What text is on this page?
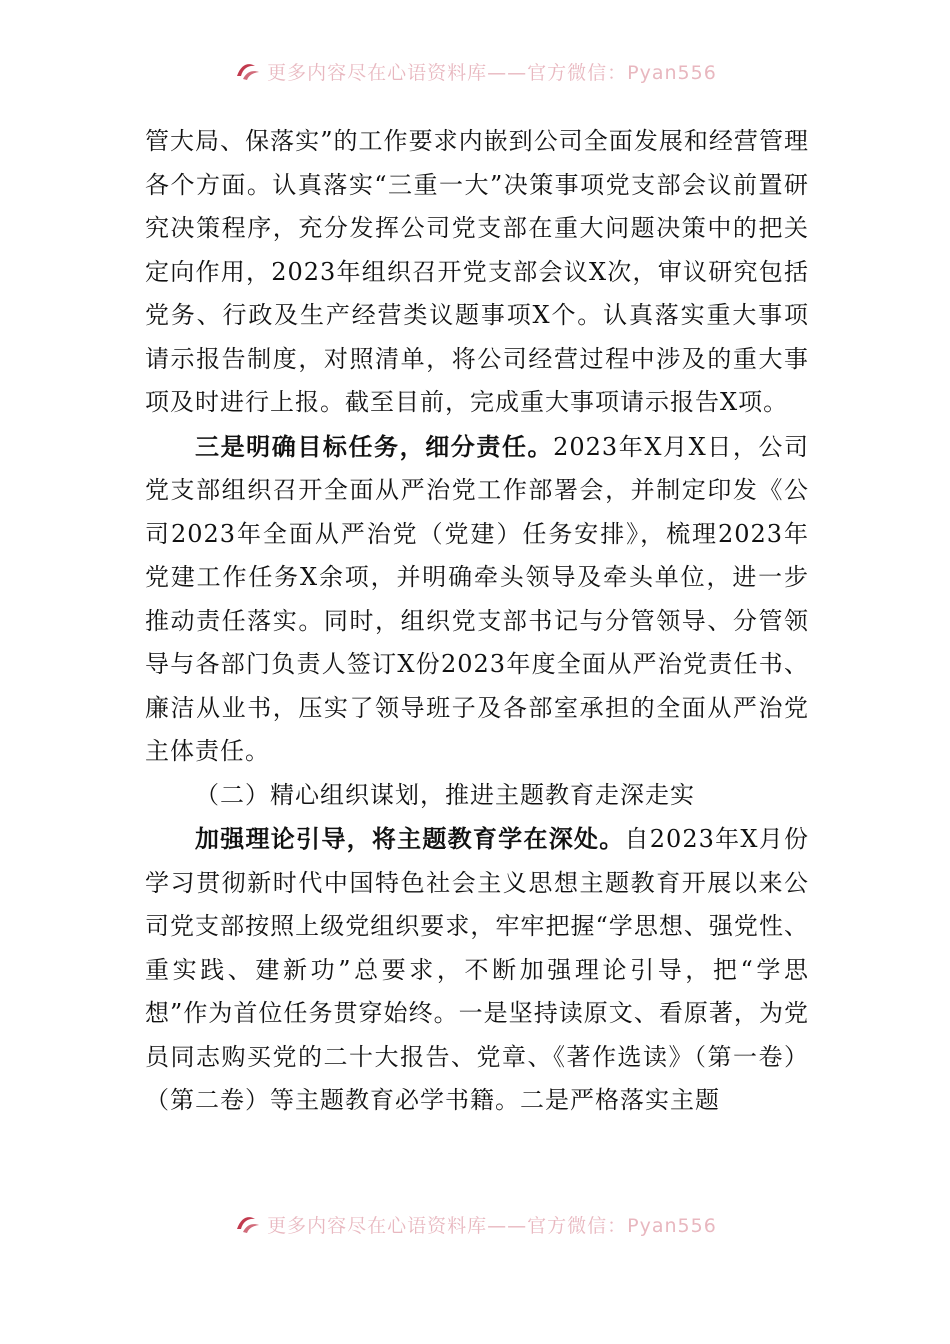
更多内容尽在心语资料库——官方微信：Pyan556

管大局、保落实”的工作要求内嵌到公司全面发展和经营管理各个方面。认真落实“三重一大”决策事项党支部会议前置研究决策程序，充分发挥公司党支部在重大问题决策中的把关定向作用，2023年组织召开党支部会议X次，审议研究包括党务、行政及生产经营类议题事项X个。认真落实重大事项请示报告制度，对照清单，将公司经营过程中涉及的重大事项及时进行上报。截至目前，完成重大事项请示报告X项。

三是明确目标任务，细分责任。2023年X月X日，公司党支部组织召开全面从严治党工作部署会，并制定印发《公司2023年全面从严治党（党建）任务安排》，梳理2023年党建工作任务X余项，并明确牵头领导及牵头单位，进一步推动责任落实。同时，组织党支部书记与分管领导、分管领导与各部门负责人签订X份2023年度全面从严治党责任书、廉洁从业书，压实了领导班子及各部室承担的全面从严治党主体责任。

（二）精心组织谋划，推进主题教育走深走实

加强理论引导，将主题教育学在深处。自2023年X月份学习贯彻新时代中国特色社会主义思想主题教育开展以来公司党支部按照上级党组织要求，牢牢把握“学思想、强党性、重实践、建新功”总要求，不断加强理论引导，把“学思想”作为首位任务贯穿始终。一是坚持读原文、看原著，为党员同志购买党的二十大报告、党章、《著作选读》（第一卷）（第二卷）等主题教育必学书籍。二是严格落实主题

更多内容尽在心语资料库——官方微信：Pyan556
